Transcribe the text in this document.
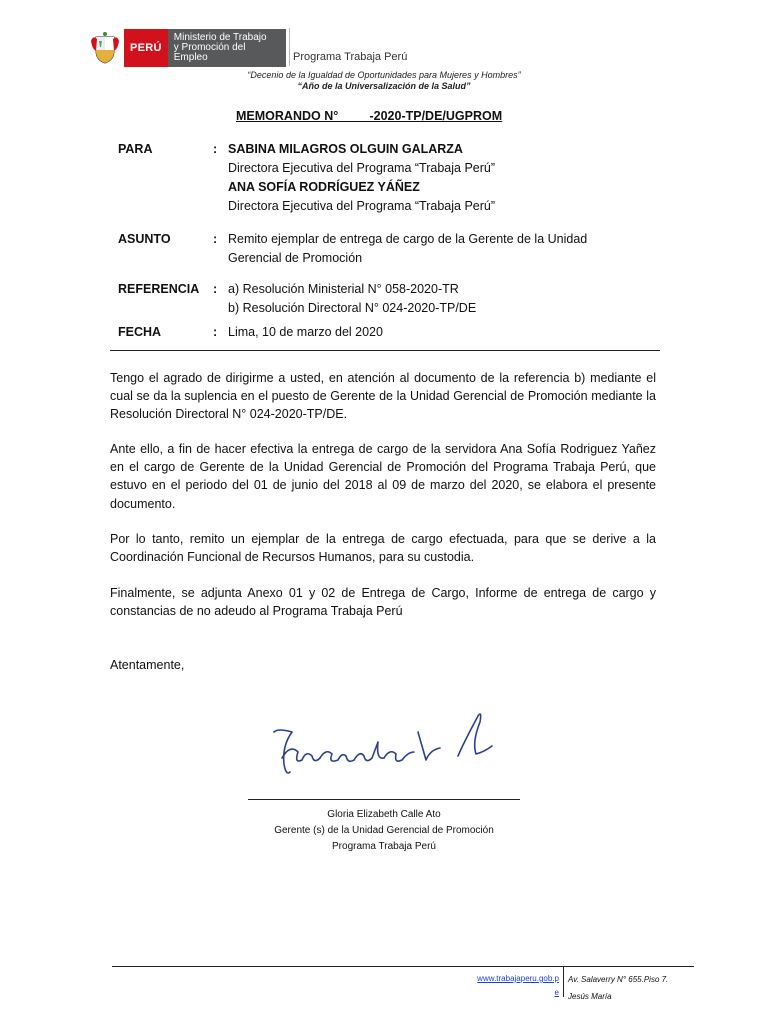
PERÚ
Ministerio de Trabajo
y Promoción del Empleo	Programa Trabaja Perú
“Decenio de la Igualdad de Oportunidades para Mujeres y Hombres”
“Año de la Universalización de la Salud”
MEMORANDO N°         -2020-TP/DE/UGPROM
PARA	: SABINA MILAGROS OLGUIN GALARZA
Directora Ejecutiva del Programa “Trabaja Perú”
ANA SOFÍA RODRÍGUEZ YÁÑEZ
Directora Ejecutiva del Programa “Trabaja Perú”
ASUNTO	: Remito ejemplar de entrega de cargo de la Gerente de la Unidad
Gerencial de Promoción
REFERENCIA : a) Resolución Ministerial N° 058-2020-TR
b) Resolución Directoral N° 024-2020-TP/DE
FECHA	: Lima, 10 de marzo del 2020
Tengo el agrado de dirigirme a usted, en atención al documento de la referencia b) mediante el cual se da la suplencia en el puesto de Gerente de la Unidad Gerencial de Promoción mediante la Resolución Directoral N° 024-2020-TP/DE.
Ante ello, a fin de hacer efectiva la entrega de cargo de la servidora Ana Sofía Rodriguez Yañez en el cargo de Gerente de la Unidad Gerencial de Promoción del Programa Trabaja Perú, que estuvo en el periodo del 01 de junio del 2018 al 09 de marzo del 2020, se elabora el presente documento.
Por lo tanto, remito un ejemplar de la entrega de cargo efectuada, para que se derive a la Coordinación Funcional de Recursos Humanos, para su custodia.
Finalmente, se adjunta Anexo 01 y 02 de Entrega de Cargo, Informe de entrega de cargo y constancias de no adeudo al Programa Trabaja Perú
Atentamente,
Gloria Elizabeth Calle Ato
Gerente (s) de la Unidad Gerencial de Promoción
Programa Trabaja Perú
www.trabajaperu.gob.p
e
Av. Salaverry N° 655.Piso 7.
Jesús María
